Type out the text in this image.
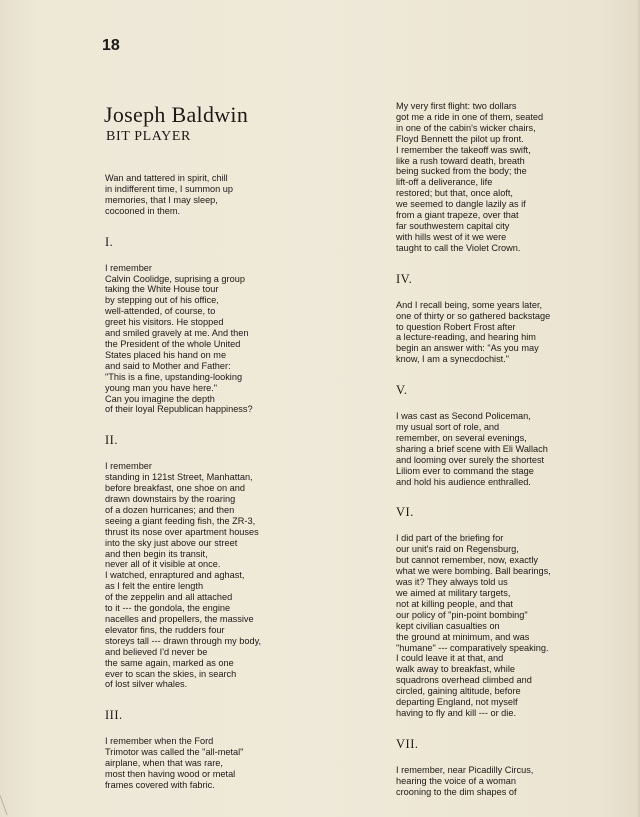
18
Joseph Baldwin
BIT PLAYER

Wan and tattered in spirit, chill

in indifferent time, I summon up

memories, that I may sleep,

cocooned in them.

I.

I remember

Calvin Coolidge, suprising a group

taking the White House tour

by stepping out of his office,

well-attended, of course, to

greet his visitors. He stopped

and smiled gravely at me. And then

the President of the whole United

States placed his hand on me

and said to Mother and Father:

"This is a fine, upstanding-looking

young man you have here."

Can you imagine the depth

of their loyal Republican happiness?

II.

I remember

standing in 121st Street, Manhattan,

before breakfast, one shoe on and

drawn downstairs by the roaring

of a dozen hurricanes; and then

seeing a giant feeding fish, the ZR-3,

thrust its nose over apartment houses

into the sky just above our street

and then begin its transit,

never all of it visible at once.

I watched, enraptured and aghast,

as I felt the entire length

of the zeppelin and all attached

to it --- the gondola, the engine

nacelles and propellers, the massive

elevator fins, the rudders four

storeys tall --- drawn through my body,

and believed I'd never be

the same again, marked as one

ever to scan the skies, in search

of lost silver whales.

III.

I remember when the Ford

Trimotor was called the "all-metal"

airplane, when that was rare,

most then having wood or metal

frames covered with fabric.

My very first flight: two dollars

got me a ride in one of them, seated

in one of the cabin's wicker chairs,

Floyd Bennett the pilot up front.

I remember the takeoff was swift,

like a rush toward death, breath

being sucked from the body; the

lift-off a deliverance, life

restored; but that, once aloft,

we seemed to dangle lazily as if

from a giant trapeze, over that

far southwestern capital city

with hills west of it we were

taught to call the Violet Crown.

IV.

And I recall being, some years later,

one of thirty or so gathered backstage

to question Robert Frost after

a lecture-reading, and hearing him

begin an answer with: "As you may

know, I am a synecdochist."

V.

I was cast as Second Policeman,

my usual sort of role, and

remember, on several evenings,

sharing a brief scene with Eli Wallach

and looming over surely the shortest

Liliom ever to command the stage

and hold his audience enthralled.

VI.

I did part of the briefing for

our unit's raid on Regensburg,

but cannot remember, now, exactly

what we were bombing. Ball bearings,

was it? They always told us

we aimed at military targets,

not at killing people, and that

our policy of "pin-point bombing"

kept civilian casualties on

the ground at minimum, and was

"humane" --- comparatively speaking.

I could leave it at that, and

walk away to breakfast, while

squadrons overhead climbed and

circled, gaining altitude, before

departing England, not myself

having to fly and kill --- or die.

VII.

I remember, near Picadilly Circus,

hearing the voice of a woman

crooning to the dim shapes of
